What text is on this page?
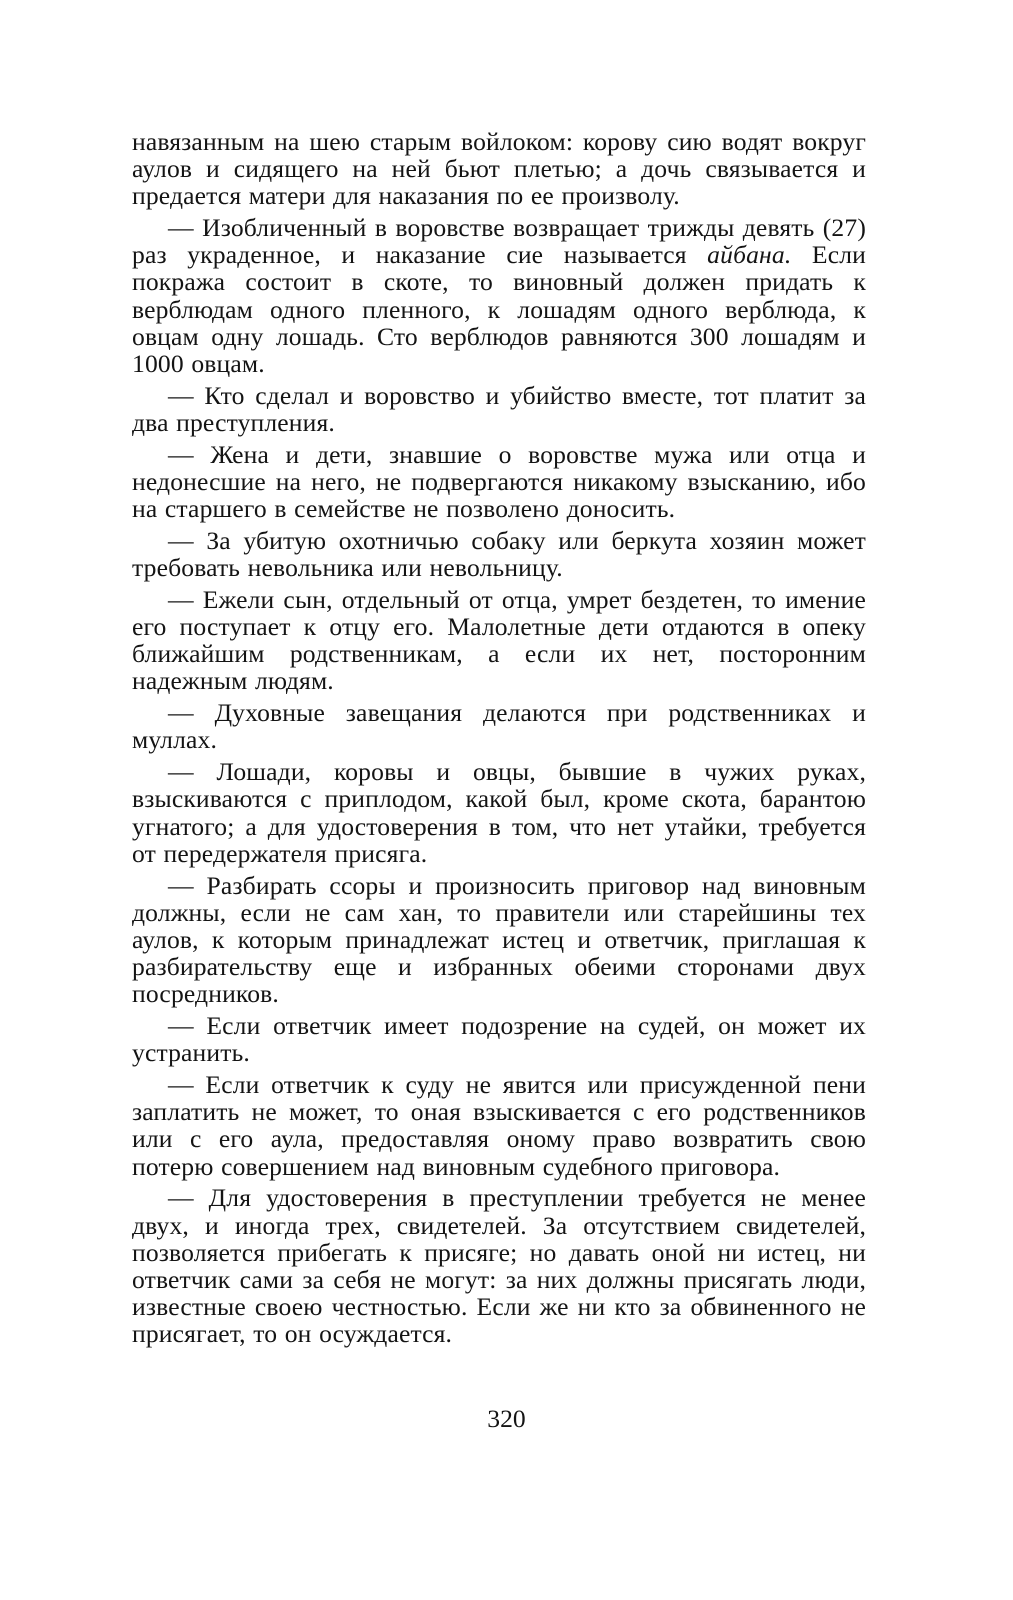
навязанным на шею старым войлоком: корову сию водят вокруг аулов и сидящего на ней бьют плетью; а дочь связывается и предается матери для наказания по ее произволу.

— Изобличенный в воровстве возвращает трижды девять (27) раз украденное, и наказание сие называется айбана. Если покража состоит в скоте, то виновный должен придать к верблюдам одного пленного, к лошадям одного верблюда, к овцам одну лошадь. Сто верблюдов равняются 300 лошадям и 1000 овцам.

— Кто сделал и воровство и убийство вместе, тот платит за два преступления.

— Жена и дети, знавшие о воровстве мужа или отца и недонесшие на него, не подвергаются никакому взысканию, ибо на старшего в семействе не позволено доносить.

— За убитую охотничью собаку или беркута хозяин может требовать невольника или невольницу.

— Ежели сын, отдельный от отца, умрет бездетен, то имение его поступает к отцу его. Малолетные дети отдаются в опеку ближайшим родственникам, а если их нет, посторонним надежным людям.

— Духовные завещания делаются при родственниках и муллах.

— Лошади, коровы и овцы, бывшие в чужих руках, взыскиваются с приплодом, какой был, кроме скота, барантою угнатого; а для удостоверения в том, что нет утайки, требуется от передержателя присяга.

— Разбирать ссоры и произносить приговор над виновным должны, если не сам хан, то правители или старейшины тех аулов, к которым принадлежат истец и ответчик, приглашая к разбирательству еще и избранных обеими сторонами двух посредников.

— Если ответчик имеет подозрение на судей, он может их устранить.

— Если ответчик к суду не явится или присужденной пени заплатить не может, то оная взыскивается с его родственников или с его аула, предоставляя оному право возвратить свою потерю совершением над виновным судебного приговора.

— Для удостоверения в преступлении требуется не менее двух, и иногда трех, свидетелей. За отсутствием свидетелей, позволяется прибегать к присяге; но давать оной ни истец, ни ответчик сами за себя не могут: за них должны присягать люди, известные своею честностью. Если же ни кто за обвиненного не присягает, то он осуждается.

320
